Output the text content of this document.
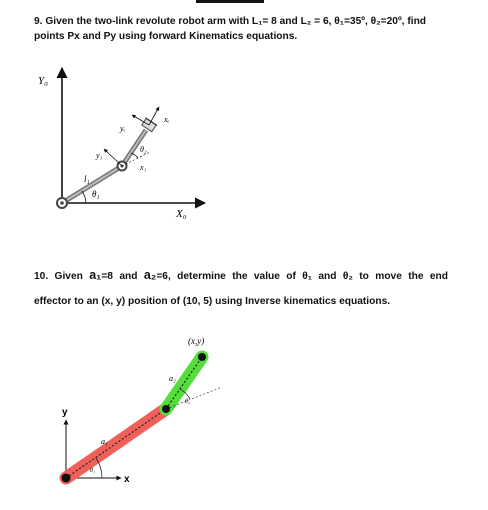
9. Given the two-link revolute robot arm with L₁= 8 and L₂ = 6, θ₁=35º, θ₂=20º, find
points Px and Py using forward Kinematics equations.
10. Given a₁=8 and a₂=6, determine the value of θ₁ and θ₂ to move the end
effector to an (x, y) position of (10, 5) using Inverse kinematics equations.
Y₀
X₀
θ₁
l₁
y₁
x₁
θ₂
yₑ
xₑ
y
x
θ₁
θ₂
(x,y)
a₂
a₁
